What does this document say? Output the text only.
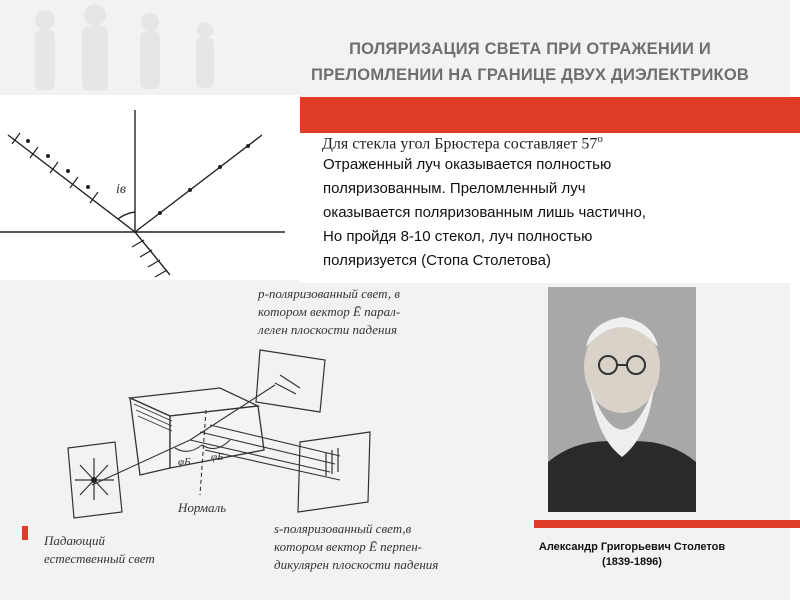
ПОЛЯРИЗАЦИЯ СВЕТА ПРИ ОТРАЖЕНИИ И
ПРЕЛОМЛЕНИИ НА ГРАНИЦЕ ДВУХ ДИЭЛЕКТРИКОВ
Для стекла угол Брюстера составляет $57^о$
Отраженный луч оказывается полностью
поляризованным. Преломленный луч
оказывается поляризованным лишь частично,
Но пройдя 8-10 стекол, луч полностью
поляризуется (Стопа Столетова)
iв
р-поляризованный свет, в
котором вектор Ē парал-
лелен плоскости падения
φБ φБ
Нормаль
Падающий
естественный свет
s-поляризованный свет,в
котором вектор Ē перпен-
дикулярен плоскости падения
Александр Григорьевич Столетов
(1839-1896)
